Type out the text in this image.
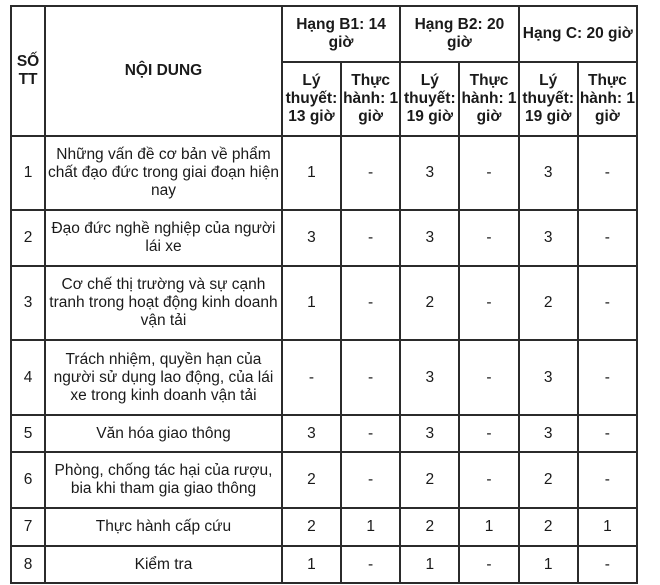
SỐ TT	NỘI DUNG	Hạng B1: 14 giờ		Hạng B2: 20 giờ		Hạng C: 20 giờ	
		Lý thuyết: 13 giờ	Thực hành: 1 giờ	Lý thuyết: 19 giờ	Thực hành: 1 giờ	Lý thuyết: 19 giờ	Thực hành: 1 giờ
1	Những vấn đề cơ bản về phẩm chất đạo đức trong giai đoạn hiện nay	1	-	3	-	3	-
2	Đạo đức nghề nghiệp của người lái xe	3	-	3	-	3	-
3	Cơ chế thị trường và sự cạnh tranh trong hoạt động kinh doanh vận tải	1	-	2	-	2	-
4	Trách nhiệm, quyền hạn của người sử dụng lao động, của lái xe trong kinh doanh vận tải	-	-	3	-	3	-
5	Văn hóa giao thông	3	-	3	-	3	-
6	Phòng, chống tác hại của rượu, bia khi tham gia giao thông	2	-	2	-	2	-
7	Thực hành cấp cứu	2	1	2	1	2	1
8	Kiểm tra	1	-	1	-	1	-
